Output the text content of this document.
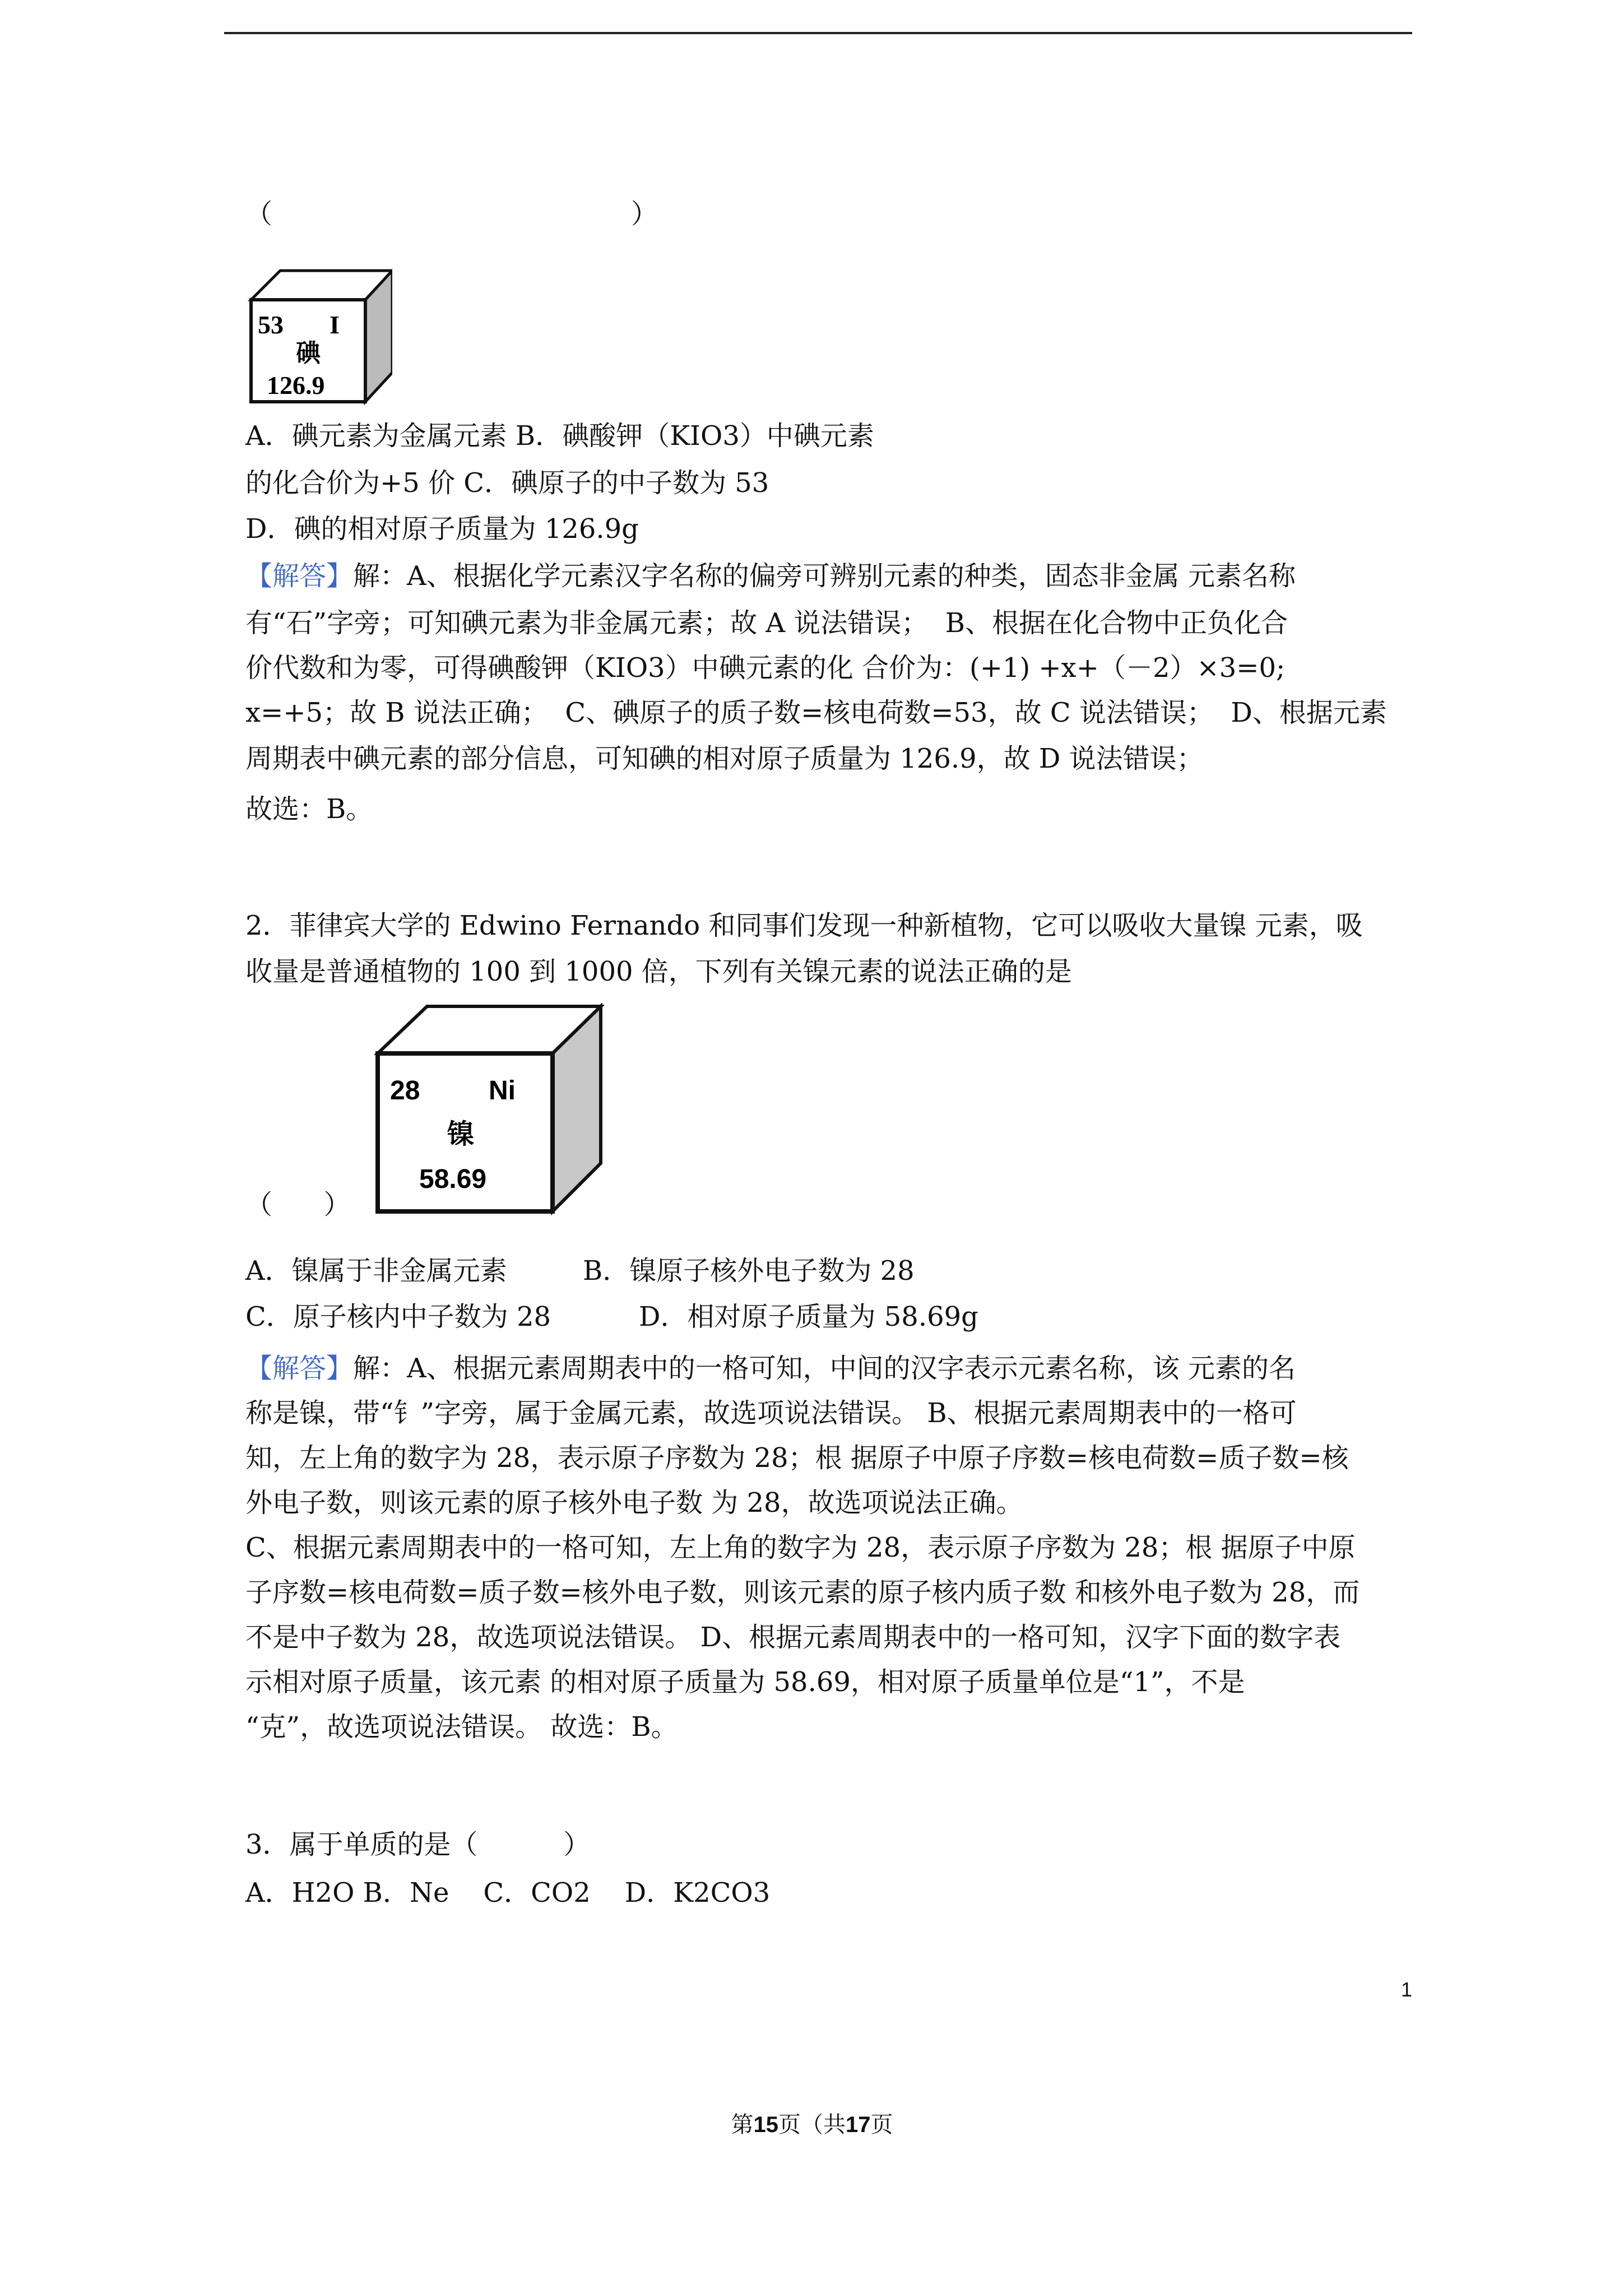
（	）
53 I
碘
126.9
A．碘元素为金属元素 B．碘酸钾（KIO3）中碘元素
的化合价为+5 价 C．碘原子的中子数为 53
D．碘的相对原子质量为 126.9g
【解答】解：A、根据化学元素汉字名称的偏旁可辨别元素的种类，固态非金属 元素名称
有“石”字旁；可知碘元素为非金属元素；故 A 说法错误；  B、根据在化合物中正负化合
价代数和为零，可得碘酸钾（KIO3）中碘元素的化 合价为：(+1) +x+（－2）×3=0;
x=+5；故 B 说法正确；  C、碘原子的质子数=核电荷数=53，故 C 说法错误；  D、根据元素
周期表中碘元素的部分信息，可知碘的相对原子质量为 126.9，故 D 说法错误；
故选：B。
2．菲律宾大学的 Edwino Fernando 和同事们发现一种新植物，它可以吸收大量镍 元素，吸
收量是普通植物的 100 到 1000 倍，下列有关镍元素的说法正确的是
28	Ni
镍
58.69
（      ）
A．镍属于非金属元素	B．镍原子核外电子数为 28
C．原子核内中子数为 28	D．相对原子质量为 58.69g
【解答】解：A、根据元素周期表中的一格可知，中间的汉字表示元素名称，该 元素的名
称是镍，带“钅”字旁，属于金属元素，故选项说法错误。 B、根据元素周期表中的一格可
知，左上角的数字为 28，表示原子序数为 28；根 据原子中原子序数=核电荷数=质子数=核
外电子数，则该元素的原子核外电子数 为 28，故选项说法正确。
C、根据元素周期表中的一格可知，左上角的数字为 28，表示原子序数为 28；根 据原子中原
子序数=核电荷数=质子数=核外电子数，则该元素的原子核内质子数 和核外电子数为 28，而
不是中子数为 28，故选项说法错误。 D、根据元素周期表中的一格可知，汉字下面的数字表
示相对原子质量，该元素 的相对原子质量为 58.69，相对原子质量单位是“1”，不是
“克”，故选项说法错误。 故选：B。
3．属于单质的是（          ）
A．H2O B．Ne    C．CO2    D．K2CO3
1
第15页（共17页
